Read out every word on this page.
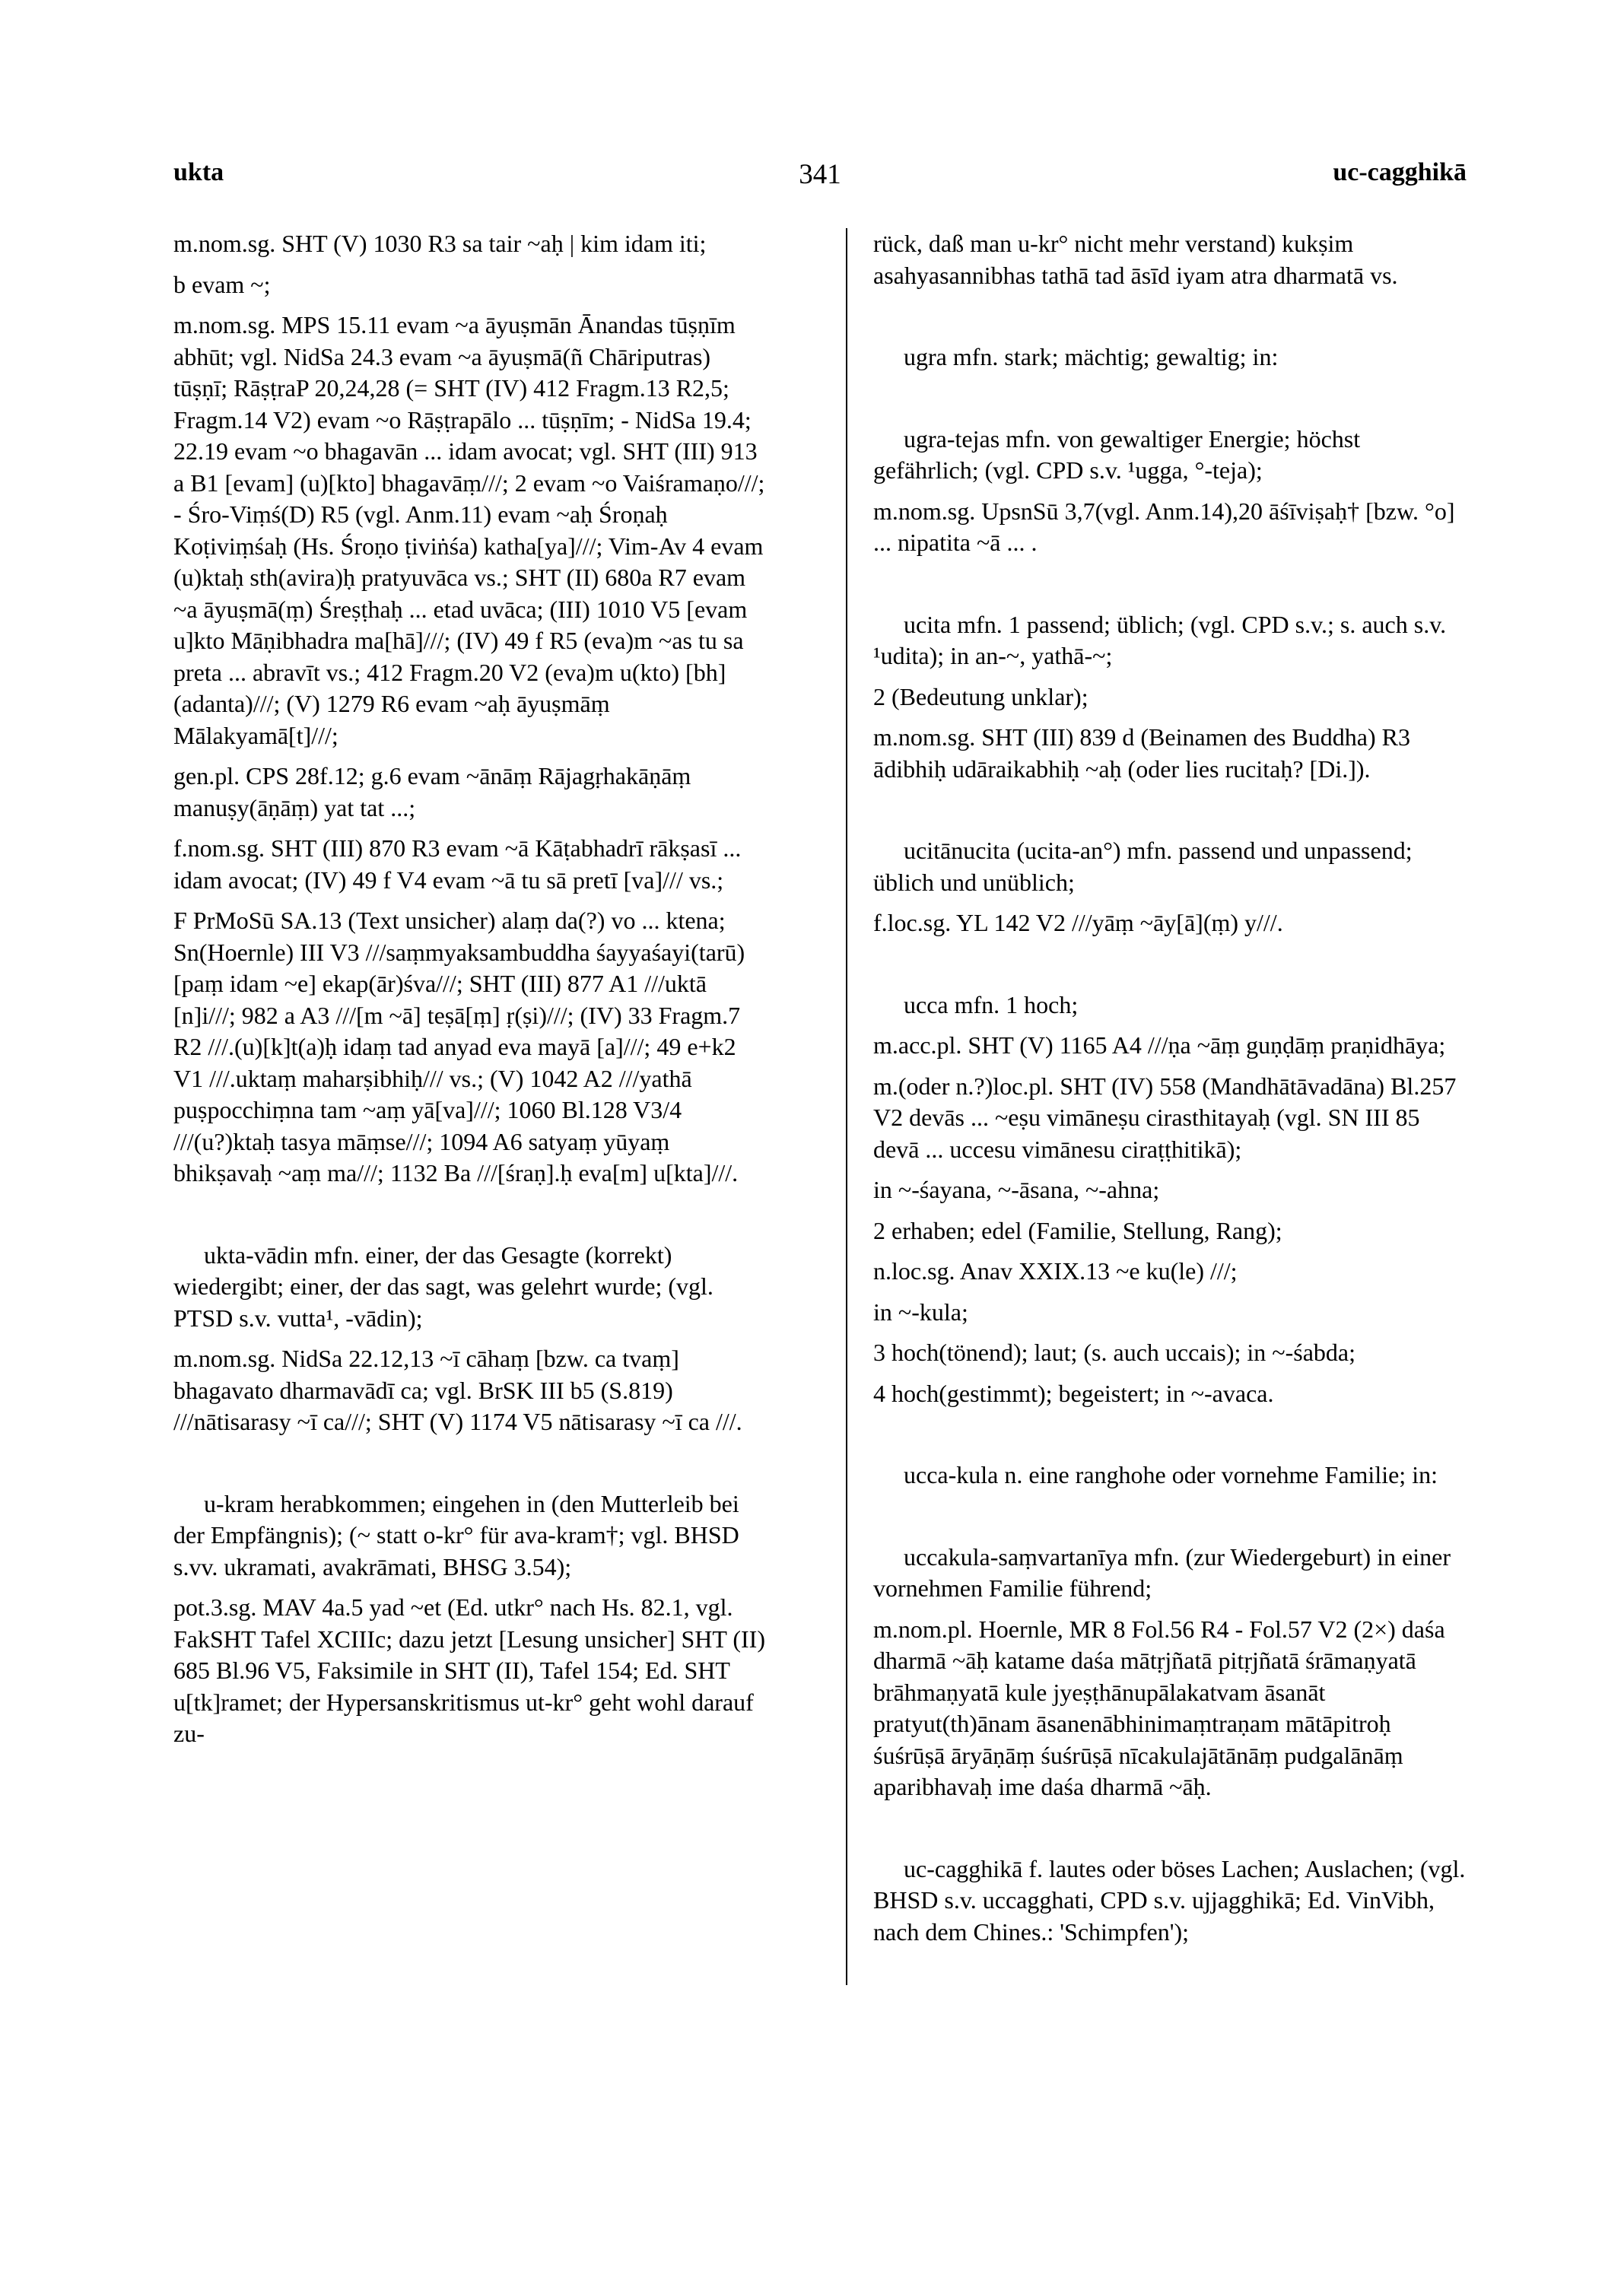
ukta	341	uc-cagghikā

m.nom.sg. SHT (V) 1030 R3 sa tair ~aḥ | kim idam iti;

b evam ~;

m.nom.sg. MPS 15.11 evam ~a āyuṣmān Ānandas tūṣṇīm abhūt; vgl. NidSa 24.3 evam ~a āyuṣmā(ñ Chāriputras) tūṣṇī; RāṣṭraP 20,24,28 (= SHT (IV) 412 Fragm.13 R2,5; Fragm.14 V2) evam ~o Rāṣṭrapālo ... tūṣṇīm; - NidSa 19.4; 22.19 evam ~o bhagavān ... idam avocat; vgl. SHT (III) 913 a B1 [evam] (u)[kto] bhagavāṃ///; 2 evam ~o Vaiśramaṇo///; - Śro-Viṃś(D) R5 (vgl. Anm.11) evam ~aḥ Śroṇaḥ Koṭiviṃśaḥ (Hs. Śroṇo ṭiviṅśa) katha[ya]///; Vim-Av 4 evam (u)ktaḥ sth(avira)ḥ pratyuvāca vs.; SHT (II) 680a R7 evam ~a āyuṣmā(ṃ) Śreṣṭhaḥ ... etad uvāca; (III) 1010 V5 [evam u]kto Māṇibhadra ma[hā]///; (IV) 49 f R5 (eva)m ~as tu sa preta ... abravīt vs.; 412 Fragm.20 V2 (eva)m u(kto) [bh](adanta)///; (V) 1279 R6 evam ~aḥ āyuṣmāṃ Mālakyamā[t]///;

gen.pl. CPS 28f.12; g.6 evam ~ānāṃ Rājagṛhakāṇāṃ manuṣy(āṇāṃ) yat tat ...;

f.nom.sg. SHT (III) 870 R3 evam ~ā Kāṭabhadrī rākṣasī ... idam avocat; (IV) 49 f V4 evam ~ā tu sā pretī [va]/// vs.;

F PrMoSū SA.13 (Text unsicher) alaṃ da(?) vo ... ktena; Sn(Hoernle) III V3 ///saṃmyaksambuddha śayyaśayi(tarū)[paṃ idam ~e] ekap(ār)śva///; SHT (III) 877 A1 ///uktā [n]i///; 982 a A3 ///[m ~ā] teṣā[ṃ] ṛ(ṣi)///; (IV) 33 Fragm.7 R2 ///.(u)[k]t(a)ḥ idaṃ tad anyad eva mayā [a]///; 49 e+k2 V1 ///.uktaṃ maharṣibhiḥ/// vs.; (V) 1042 A2 ///yathā puṣpocchiṃna tam ~aṃ yā[va]///; 1060 Bl.128 V3/4 ///(u?)ktaḥ tasya māṃse///; 1094 A6 satyaṃ yūyaṃ bhikṣavaḥ ~aṃ ma///; 1132 Ba ///[śraṇ].ḥ eva[m] u[kta]///.

ukta-vādin mfn. einer, der das Gesagte (korrekt) wiedergibt; einer, der das sagt, was gelehrt wurde; (vgl. PTSD s.v. vutta¹, -vādin);

m.nom.sg. NidSa 22.12,13 ~ī cāhaṃ [bzw. ca tvaṃ] bhagavato dharmavādī ca; vgl. BrSK III b5 (S.819) ///nātisarasy ~ī ca///; SHT (V) 1174 V5 nātisarasy ~ī ca ///.

u-kram herabkommen; eingehen in (den Mutterleib bei der Empfängnis); (~ statt o-kr° für ava-kram†; vgl. BHSD s.vv. ukramati, avakrāmati, BHSG 3.54);

pot.3.sg. MAV 4a.5 yad ~et (Ed. utkr° nach Hs. 82.1, vgl. FakSHT Tafel XCIIIc; dazu jetzt [Lesung unsicher] SHT (II) 685 Bl.96 V5, Faksimile in SHT (II), Tafel 154; Ed. SHT u[tk]ramet; der Hypersanskritismus ut-kr° geht wohl darauf zu-

rück, daß man u-kr° nicht mehr verstand) kukṣim asahyasannibhas tathā tad āsīd iyam atra dharmatā vs.

ugra mfn. stark; mächtig; gewaltig; in:

ugra-tejas mfn. von gewaltiger Energie; höchst gefährlich; (vgl. CPD s.v. ¹ugga, °-teja);

m.nom.sg. UpsnSū 3,7(vgl. Anm.14),20 āśīviṣaḥ† [bzw. °o] ... nipatita ~ā ... .

ucita mfn. 1 passend; üblich; (vgl. CPD s.v.; s. auch s.v. ¹udita); in an-~, yathā-~;

2 (Bedeutung unklar);

m.nom.sg. SHT (III) 839 d (Beinamen des Buddha) R3 ādibhiḥ udāraikabhiḥ ~aḥ (oder lies rucitaḥ? [Di.]).

ucitānucita (ucita-an°) mfn. passend und unpassend; üblich und unüblich;

f.loc.sg. YL 142 V2 ///yāṃ ~āy[ā](ṃ) y///.

ucca mfn. 1 hoch;

m.acc.pl. SHT (V) 1165 A4 ///ṇa ~āṃ guṇḍāṃ praṇidhāya;

m.(oder n.?)loc.pl. SHT (IV) 558 (Mandhātāvadāna) Bl.257 V2 devās ... ~eṣu vimāneṣu cirasthitayaḥ (vgl. SN III 85 devā ... uccesu vimānesu ciraṭṭhitikā);

in ~-śayana, ~-āsana, ~-ahna;

2 erhaben; edel (Familie, Stellung, Rang);

n.loc.sg. Anav XXIX.13 ~e ku(le) ///;

in ~-kula;

3 hoch(tönend); laut; (s. auch uccais); in ~-śabda;

4 hoch(gestimmt); begeistert; in ~-avaca.

ucca-kula n. eine ranghohe oder vornehme Familie; in:

uccakula-saṃvartanīya mfn. (zur Wiedergeburt) in einer vornehmen Familie führend;

m.nom.pl. Hoernle, MR 8 Fol.56 R4 - Fol.57 V2 (2×) daśa dharmā ~āḥ katame daśa mātṛjñatā pitṛjñatā śrāmaṇyatā brāhmaṇyatā kule jyeṣṭhānupālakatvam āsanāt pratyut(th)ānam āsanenābhinimaṃtraṇam mātāpitroḥ śuśrūṣā āryāṇāṃ śuśrūṣā nīcakulajātānāṃ pudgalānāṃ aparibhavaḥ ime daśa dharmā ~āḥ.

uc-cagghikā f. lautes oder böses Lachen; Auslachen; (vgl. BHSD s.v. uccagghati, CPD s.v. ujjagghikā; Ed. VinVibh, nach dem Chines.: 'Schimpfen');
